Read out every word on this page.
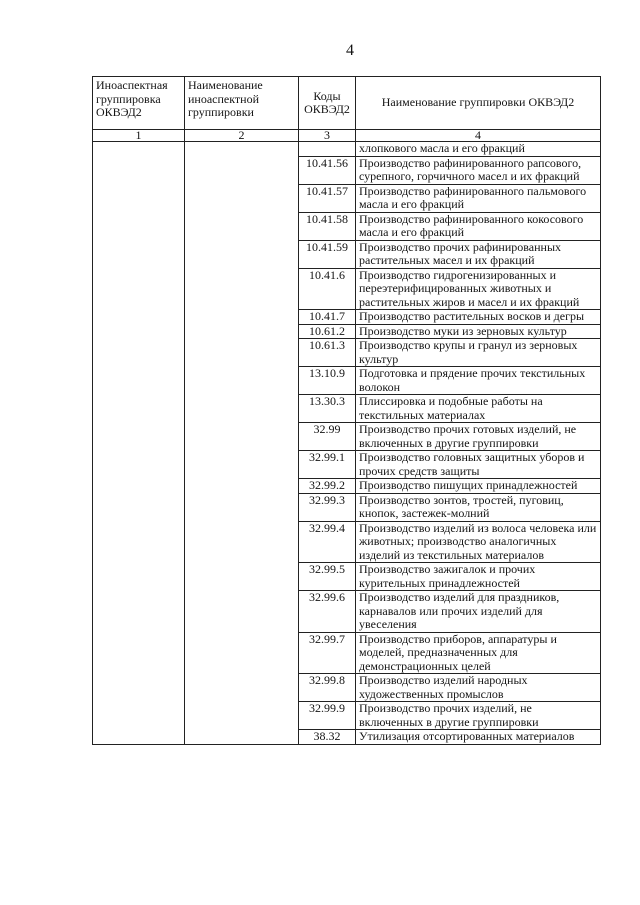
4
Иноаспектная группировка ОКВЭД2	Наименование иноаспектной группировки	Коды ОКВЭД2	Наименование группировки ОКВЭД2
1	2	3	4
			хлопкового масла и его фракций
		10.41.56	Производство рафинированного рапсового, сурепного, горчичного масел и их фракций
		10.41.57	Производство рафинированного пальмового масла и его фракций
		10.41.58	Производство рафинированного кокосового масла и его фракций
		10.41.59	Производство прочих рафинированных растительных масел и их фракций
		10.41.6	Производство гидрогенизированных и переэтерифицированных животных и растительных жиров и масел и их фракций
		10.41.7	Производство растительных восков и дегры
		10.61.2	Производство муки из зерновых культур
		10.61.3	Производство крупы и гранул из зерновых культур
		13.10.9	Подготовка и прядение прочих текстильных волокон
		13.30.3	Плиссировка и подобные работы на текстильных материалах
		32.99	Производство прочих готовых изделий, не включенных в другие группировки
		32.99.1	Производство головных защитных уборов и прочих средств защиты
		32.99.2	Производство пишущих принадлежностей
		32.99.3	Производство зонтов, тростей, пуговиц, кнопок, застежек-молний
		32.99.4	Производство изделий из волоса человека или животных; производство аналогичных изделий из текстильных материалов
		32.99.5	Производство зажигалок и прочих курительных принадлежностей
		32.99.6	Производство изделий для праздников, карнавалов или прочих изделий для увеселения
		32.99.7	Производство приборов, аппаратуры и моделей, предназначенных для демонстрационных целей
		32.99.8	Производство изделий народных художественных промыслов
		32.99.9	Производство прочих изделий, не включенных в другие группировки
		38.32	Утилизация отсортированных материалов
